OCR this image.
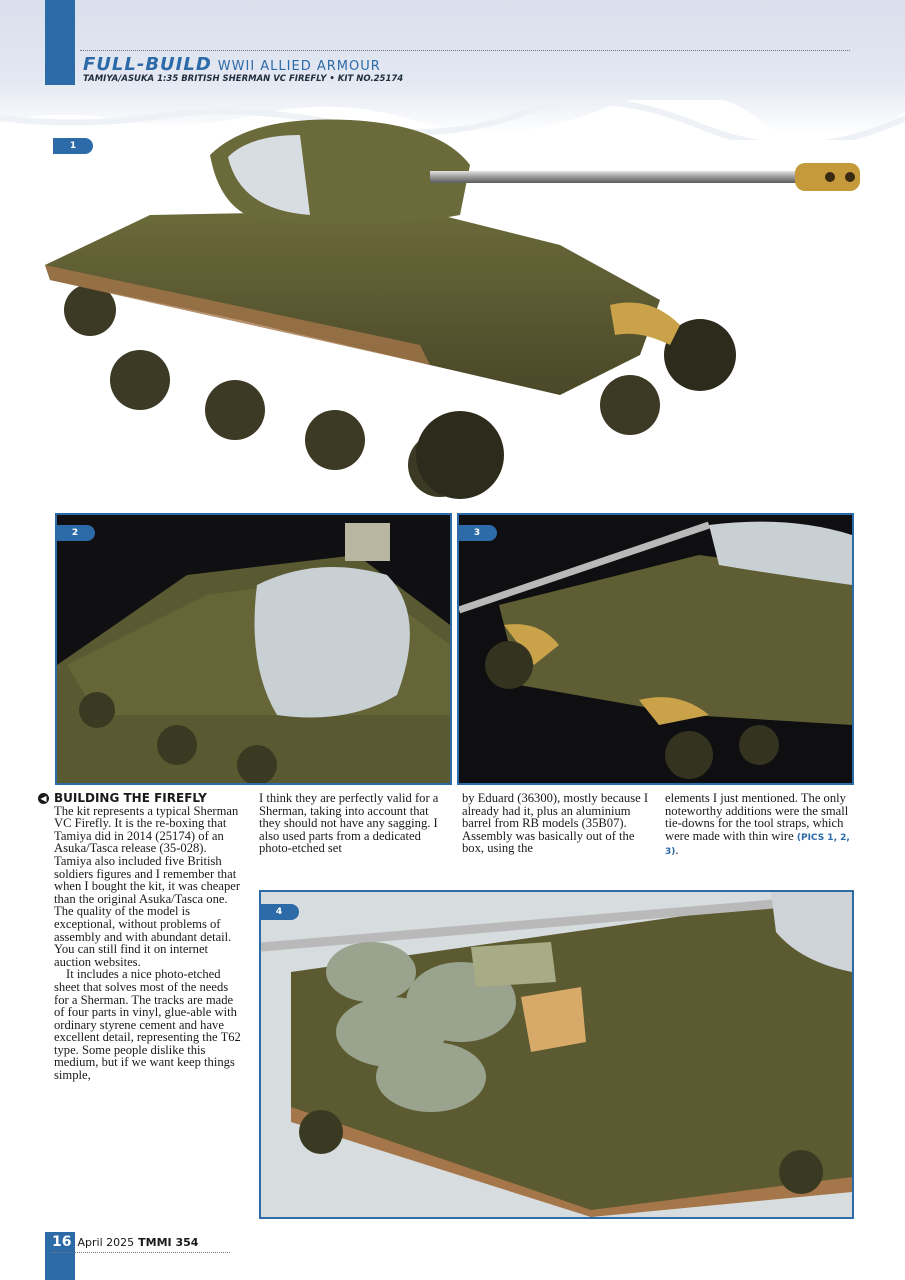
FULL-BUILD WWII ALLIED ARMOUR
TAMIYA/ASUKA 1:35 BRITISH SHERMAN VC FIREFLY • KIT NO.25174
1
2	3
4
◀ BUILDING THE FIREFLY

The kit represents a typical Sherman VC Firefly. It is the re-boxing that Tamiya did in 2014 (25174) of an Asuka/Tasca release (35-028). Tamiya also included five British soldiers figures and I remember that when I bought the kit, it was cheaper than the original Asuka/Tasca one. The quality of the model is exceptional, without problems of assembly and with abundant detail. You can still find it on internet auction websites.

It includes a nice photo-etched sheet that solves most of the needs for a Sherman. The tracks are made of four parts in vinyl, glue-able with ordinary styrene cement and have excellent detail, representing the T62 type. Some people dislike this medium, but if we want keep things simple,

I think they are perfectly valid for a Sherman, taking into account that they should not have any sagging. I also used parts from a dedicated photo-etched set

by Eduard (36300), mostly because I already had it, plus an aluminium barrel from RB models (35B07). Assembly was basically out of the box, using the

elements I just mentioned. The only noteworthy additions were the small tie-downs for the tool straps, which were made with thin wire (PICS 1, 2, 3).

16 April 2025 TMMI 354
